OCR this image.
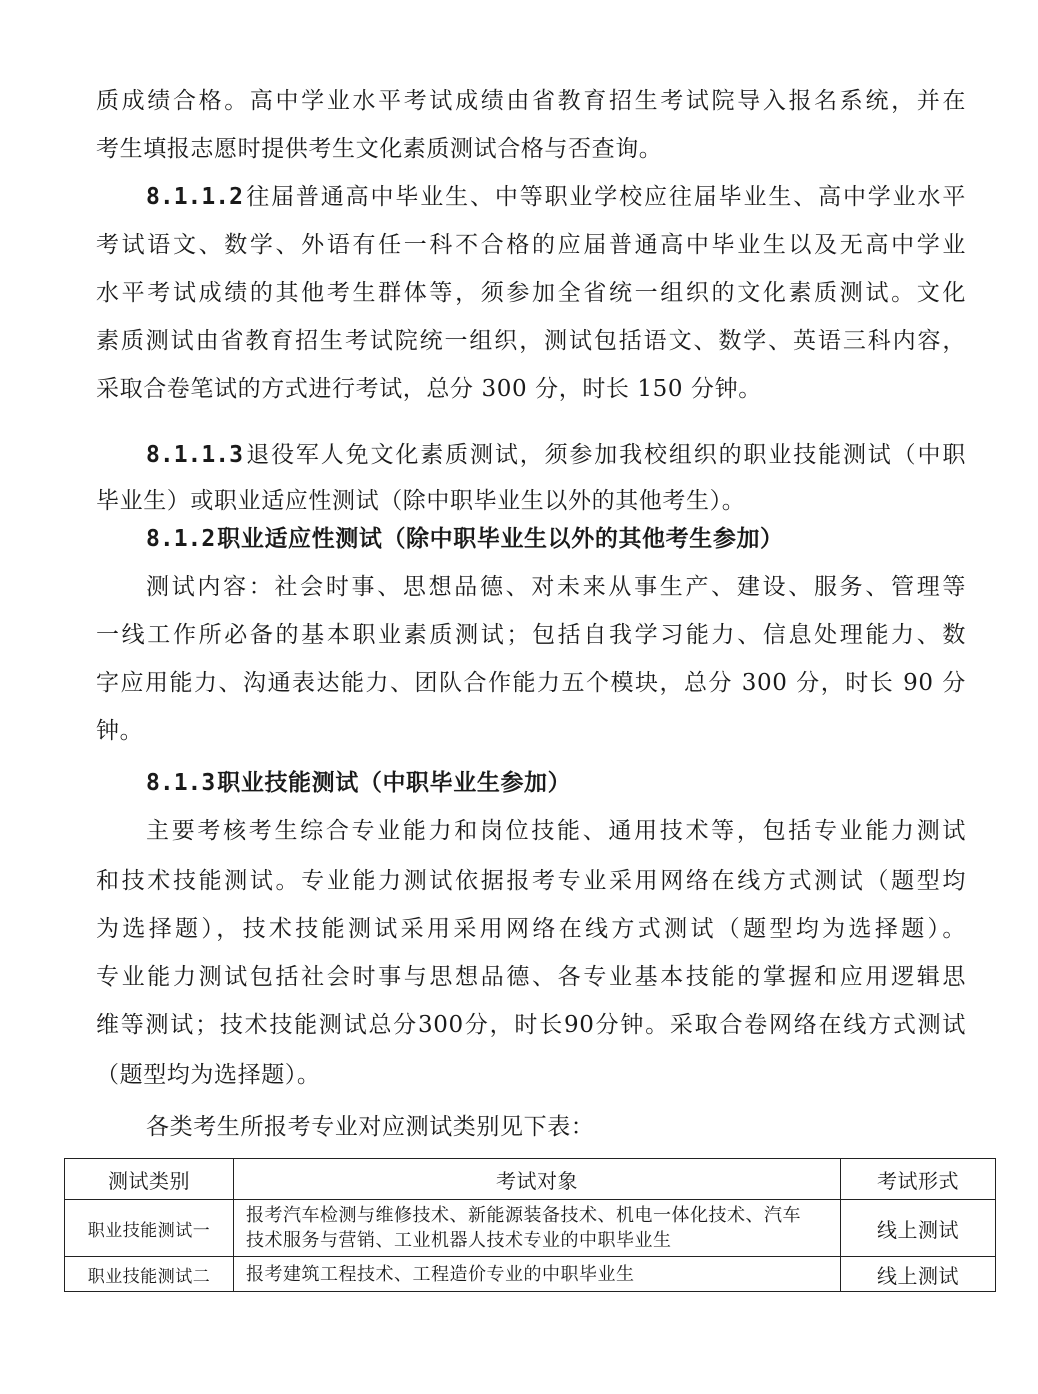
质成绩合格。高中学业水平考试成绩由省教育招生考试院导入报名系统，并在
考生填报志愿时提供考生文化素质测试合格与否查询。
8.1.1.2往届普通高中毕业生、中等职业学校应往届毕业生、高中学业水平
考试语文、数学、外语有任一科不合格的应届普通高中毕业生以及无高中学业
水平考试成绩的其他考生群体等，须参加全省统一组织的文化素质测试。文化
素质测试由省教育招生考试院统一组织，测试包括语文、数学、英语三科内容，
采取合卷笔试的方式进行考试，总分 300 分，时长 150 分钟。
8.1.1.3退役军人免文化素质测试，须参加我校组织的职业技能测试（中职
毕业生）或职业适应性测试（除中职毕业生以外的其他考生）。
8.1.2职业适应性测试（除中职毕业生以外的其他考生参加）
测试内容：社会时事、思想品德、对未来从事生产、建设、服务、管理等
一线工作所必备的基本职业素质测试；包括自我学习能力、信息处理能力、数
字应用能力、沟通表达能力、团队合作能力五个模块，总分 300 分，时长 90 分
钟。
8.1.3职业技能测试（中职毕业生参加）
主要考核考生综合专业能力和岗位技能、通用技术等，包括专业能力测试
和技术技能测试。专业能力测试依据报考专业采用网络在线方式测试（题型均
为选择题），技术技能测试采用采用网络在线方式测试（题型均为选择题）。
专业能力测试包括社会时事与思想品德、各专业基本技能的掌握和应用逻辑思
维等测试；技术技能测试总分300分，时长90分钟。采取合卷网络在线方式测试
（题型均为选择题）。
各类考生所报考专业对应测试类别见下表：
测试类别	考试对象	考试形式
职业技能测试一	报考汽车检测与维修技术、新能源装备技术、机电一体化技术、汽车
技术服务与营销、工业机器人技术专业的中职毕业生	线上测试
职业技能测试二	报考建筑工程技术、工程造价专业的中职毕业生	线上测试
